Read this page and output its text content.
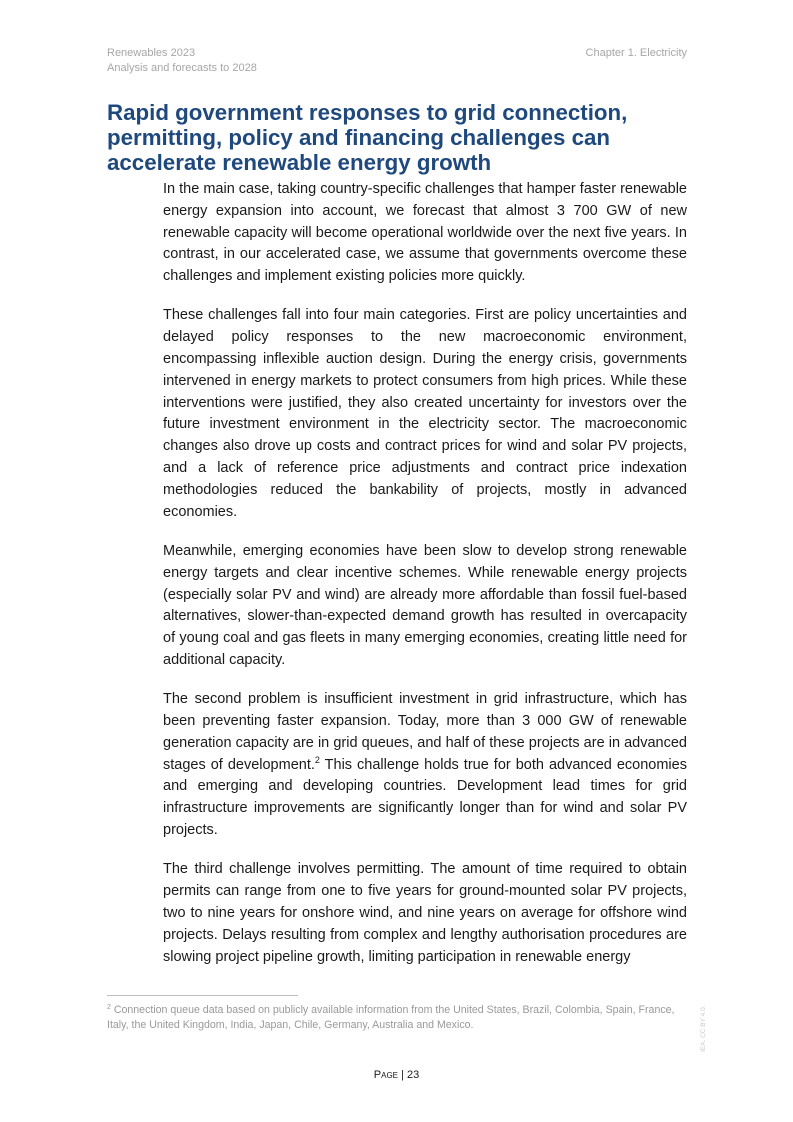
Renewables 2023
Analysis and forecasts to 2028
Chapter 1. Electricity
Rapid government responses to grid connection, permitting, policy and financing challenges can accelerate renewable energy growth

In the main case, taking country-specific challenges that hamper faster renewable energy expansion into account, we forecast that almost 3 700 GW of new renewable capacity will become operational worldwide over the next five years. In contrast, in our accelerated case, we assume that governments overcome these challenges and implement existing policies more quickly.

These challenges fall into four main categories. First are policy uncertainties and delayed policy responses to the new macroeconomic environment, encompassing inflexible auction design. During the energy crisis, governments intervened in energy markets to protect consumers from high prices. While these interventions were justified, they also created uncertainty for investors over the future investment environment in the electricity sector. The macroeconomic changes also drove up costs and contract prices for wind and solar PV projects, and a lack of reference price adjustments and contract price indexation methodologies reduced the bankability of projects, mostly in advanced economies.

Meanwhile, emerging economies have been slow to develop strong renewable energy targets and clear incentive schemes. While renewable energy projects (especially solar PV and wind) are already more affordable than fossil fuel-based alternatives, slower-than-expected demand growth has resulted in overcapacity of young coal and gas fleets in many emerging economies, creating little need for additional capacity.

The second problem is insufficient investment in grid infrastructure, which has been preventing faster expansion. Today, more than 3 000 GW of renewable generation capacity are in grid queues, and half of these projects are in advanced stages of development.$^2$ This challenge holds true for both advanced economies and emerging and developing countries. Development lead times for grid infrastructure improvements are significantly longer than for wind and solar PV projects.

The third challenge involves permitting. The amount of time required to obtain permits can range from one to five years for ground-mounted solar PV projects, two to nine years for onshore wind, and nine years on average for offshore wind projects. Delays resulting from complex and lengthy authorisation procedures are slowing project pipeline growth, limiting participation in renewable energy

$^2$ Connection queue data based on publicly available information from the United States, Brazil, Colombia, Spain, France, Italy, the United Kingdom, India, Japan, Chile, Germany, Australia and Mexico.
Page | 23
IEA. CC BY 4.0.
